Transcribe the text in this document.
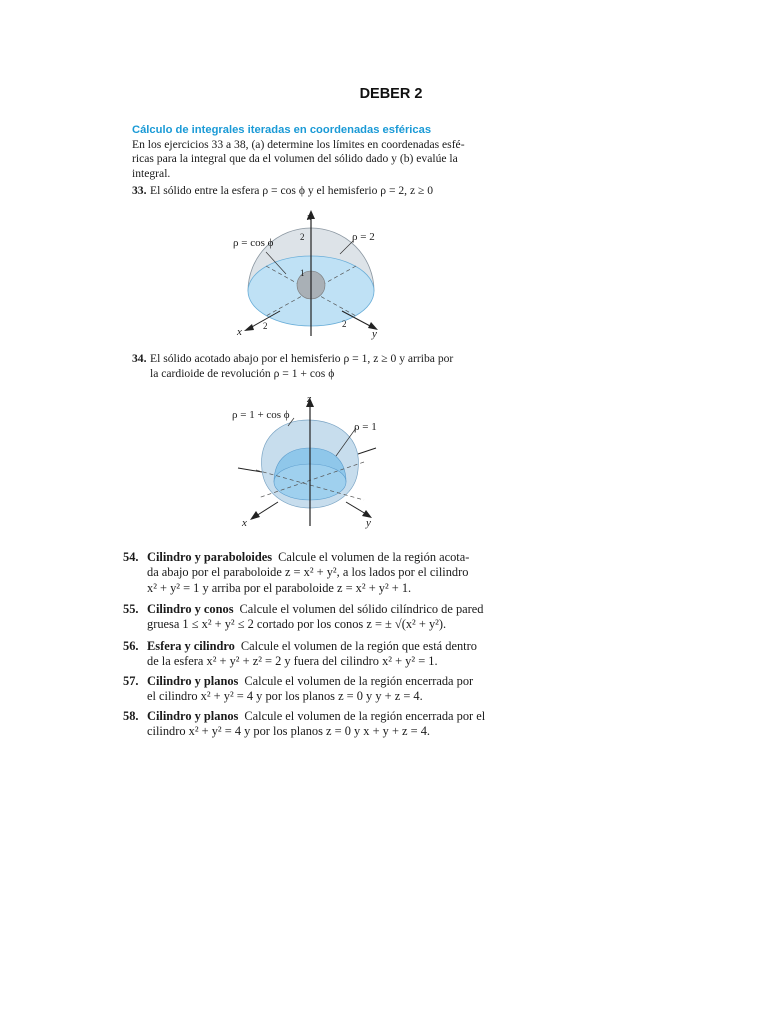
DEBER 2
Cálculo de integrales iteradas en coordenadas esféricas
En los ejercicios 33 a 38, (a) determine los límites en coordenadas esfé-
ricas para la integral que da el volumen del sólido dado y (b) evalúe la
integral.
33. El sólido entre la esfera ρ = cos ϕ y el hemisferio ρ = 2, z ≥ 0
ρ = cos ϕ	ρ = 2
z
2
1
2	2
x	y
34. El sólido acotado abajo por el hemisferio ρ = 1, z ≥ 0 y arriba por
la cardioide de revolución ρ = 1 + cos ϕ
ρ = 1 + cos ϕ
ρ = 1
z
x	y
54. Cilindro y paraboloides Calcule el volumen de la región acota-
da abajo por el paraboloide z = x² + y², a los lados por el cilindro
x² + y² = 1 y arriba por el paraboloide z = x² + y² + 1.
55. Cilindro y conos Calcule el volumen del sólido cilíndrico de pared
gruesa 1 ≤ x² + y² ≤ 2 cortado por los conos z = ± √(x² + y²).
56. Esfera y cilindro Calcule el volumen de la región que está dentro
de la esfera x² + y² + z² = 2 y fuera del cilindro x² + y² = 1.
57. Cilindro y planos Calcule el volumen de la región encerrada por
el cilindro x² + y² = 4 y por los planos z = 0 y y + z = 4.
58. Cilindro y planos Calcule el volumen de la región encerrada por el
cilindro x² + y² = 4 y por los planos z = 0 y x + y + z = 4.
